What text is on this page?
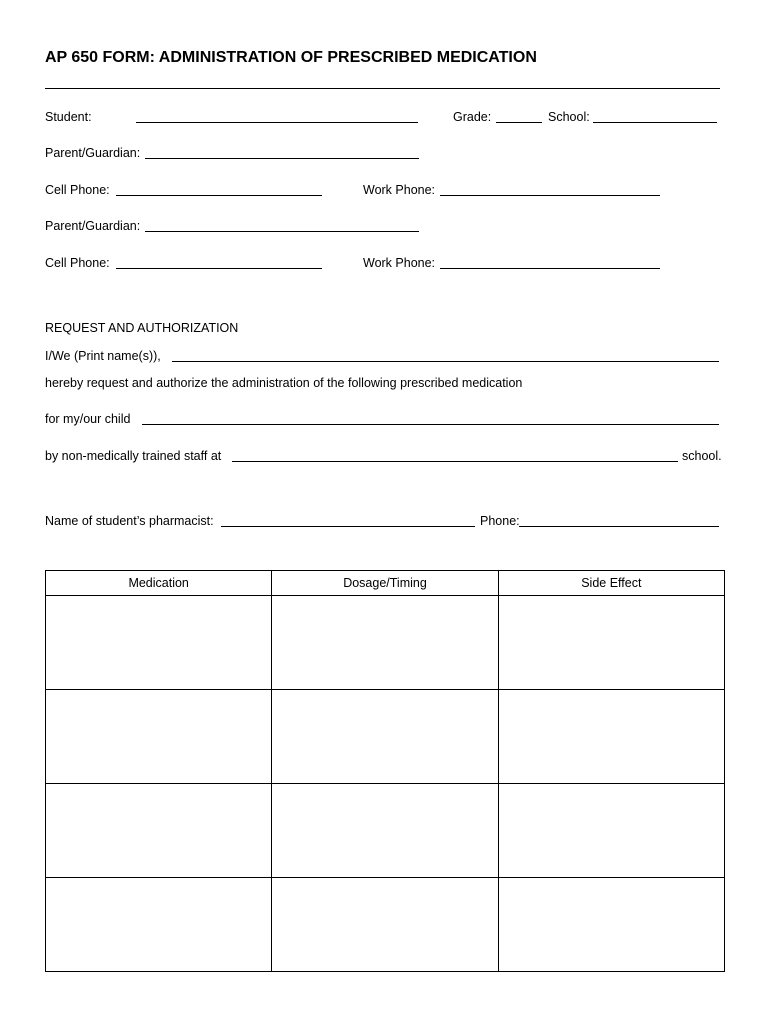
AP 650 FORM: ADMINISTRATION OF PRESCRIBED MEDICATION
Student:	Grade:	School:
Parent/Guardian:
Cell Phone:	Work Phone:
Parent/Guardian:
Cell Phone:	Work Phone:
REQUEST AND AUTHORIZATION
I/We (Print name(s)),
hereby request and authorize the administration of the following prescribed medication
for my/our child
by non-medically trained staff at	school.
Name of student’s pharmacist:	Phone:
Medication	Dosage/Timing	Side Effect
